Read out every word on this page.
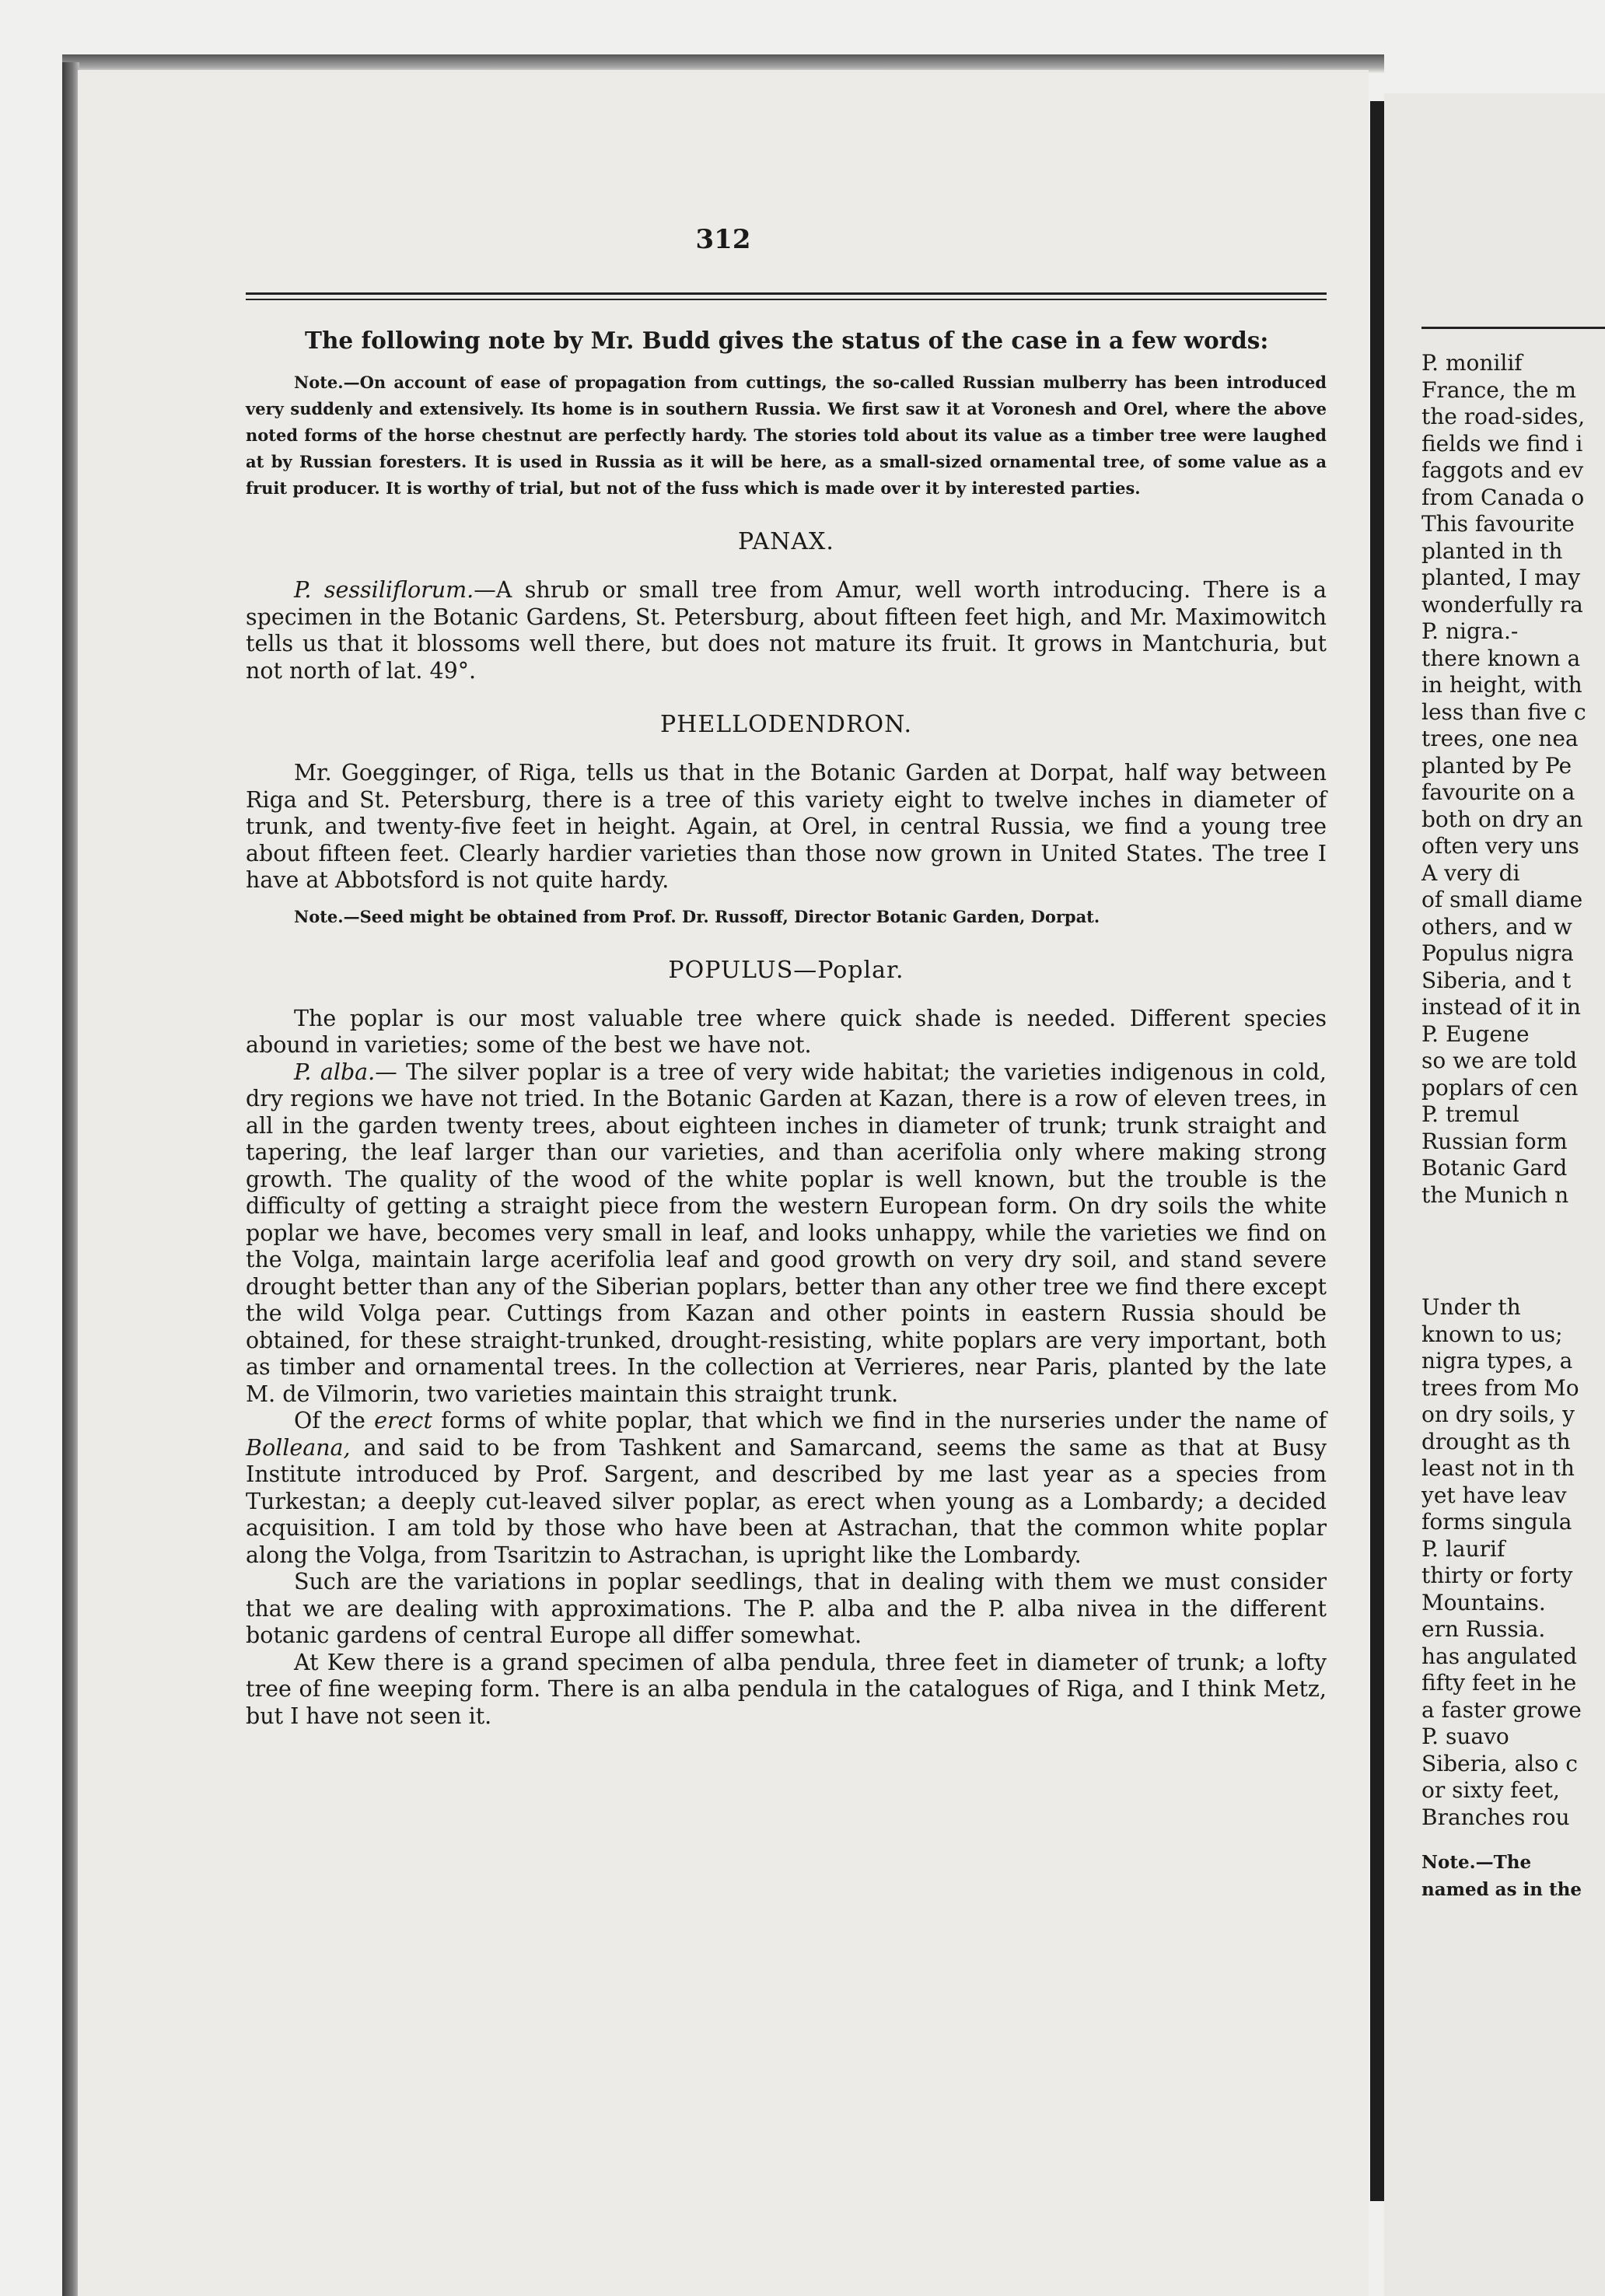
312

The following note by Mr. Budd gives the status of the case in a few words:

Note.—On account of ease of propagation from cuttings, the so-called Russian mulberry has been introduced very suddenly and extensively. Its home is in southern Russia. We first saw it at Voronesh and Orel, where the above noted forms of the horse chestnut are perfectly hardy. The stories told about its value as a timber tree were laughed at by Russian foresters. It is used in Russia as it will be here, as a small-sized ornamental tree, of some value as a fruit producer. It is worthy of trial, but not of the fuss which is made over it by interested parties.

PANAX.

P. sessiliflorum.—A shrub or small tree from Amur, well worth introducing. There is a specimen in the Botanic Gardens, St. Petersburg, about fifteen feet high, and Mr. Maximowitch tells us that it blossoms well there, but does not mature its fruit. It grows in Mantchuria, but not north of lat. 49°.

PHELLODENDRON.

Mr. Goegginger, of Riga, tells us that in the Botanic Garden at Dorpat, half way between Riga and St. Petersburg, there is a tree of this variety eight to twelve inches in diameter of trunk, and twenty-five feet in height. Again, at Orel, in central Russia, we find a young tree about fifteen feet. Clearly hardier varieties than those now grown in United States. The tree I have at Abbotsford is not quite hardy.

Note.—Seed might be obtained from Prof. Dr. Russoff, Director Botanic Garden, Dorpat.

POPULUS—Poplar.

The poplar is our most valuable tree where quick shade is needed. Different species abound in varieties; some of the best we have not.

P. alba.— The silver poplar is a tree of very wide habitat; the varieties indigenous in cold, dry regions we have not tried. In the Botanic Garden at Kazan, there is a row of eleven trees, in all in the garden twenty trees, about eighteen inches in diameter of trunk; trunk straight and tapering, the leaf larger than our varieties, and than acerifolia only where making strong growth. The quality of the wood of the white poplar is well known, but the trouble is the difficulty of getting a straight piece from the western European form. On dry soils the white poplar we have, becomes very small in leaf, and looks unhappy, while the varieties we find on the Volga, maintain large acerifolia leaf and good growth on very dry soil, and stand severe drought better than any of the Siberian poplars, better than any other tree we find there except the wild Volga pear. Cuttings from Kazan and other points in eastern Russia should be obtained, for these straight-trunked, drought-resisting, white poplars are very important, both as timber and ornamental trees. In the collection at Verrieres, near Paris, planted by the late M. de Vilmorin, two varieties maintain this straight trunk.

Of the erect forms of white poplar, that which we find in the nurseries under the name of Bolleana, and said to be from Tashkent and Samarcand, seems the same as that at Busy Institute introduced by Prof. Sargent, and described by me last year as a species from Turkestan; a deeply cut-leaved silver poplar, as erect when young as a Lombardy; a decided acquisition. I am told by those who have been at Astrachan, that the common white poplar along the Volga, from Tsaritzin to Astrachan, is upright like the Lombardy.

Such are the variations in poplar seedlings, that in dealing with them we must consider that we are dealing with approximations. The P. alba and the P. alba nivea in the different botanic gardens of central Europe all differ somewhat.

At Kew there is a grand specimen of alba pendula, three feet in diameter of trunk; a lofty tree of fine weeping form. There is an alba pendula in the catalogues of Riga, and I think Metz, but I have not seen it.

P. monilif
France, the m
the road-sides,
fields we find i
faggots and ev
from Canada o
This favourite
planted in th
planted, I may
wonderfully ra
P. nigra.-
there known a
in height, with
less than five c
trees, one nea
planted by Pe
favourite on a
both on dry an
often very uns
A very di
of small diame
others, and w
Populus nigra
Siberia, and t
instead of it in
P. Eugene
so we are told
poplars of cen
P. tremul
Russian form
Botanic Gard
the Munich n
Under th
known to us;
nigra types, a
trees from Mo
on dry soils, y
drought as th
least not in th
yet have leav
forms singula
P. laurif
thirty or forty
Mountains.
ern Russia.
has angulated
fifty feet in he
a faster growe
P. suavo
Siberia, also c
or sixty feet,
Branches rou
Note.—The
named as in the
